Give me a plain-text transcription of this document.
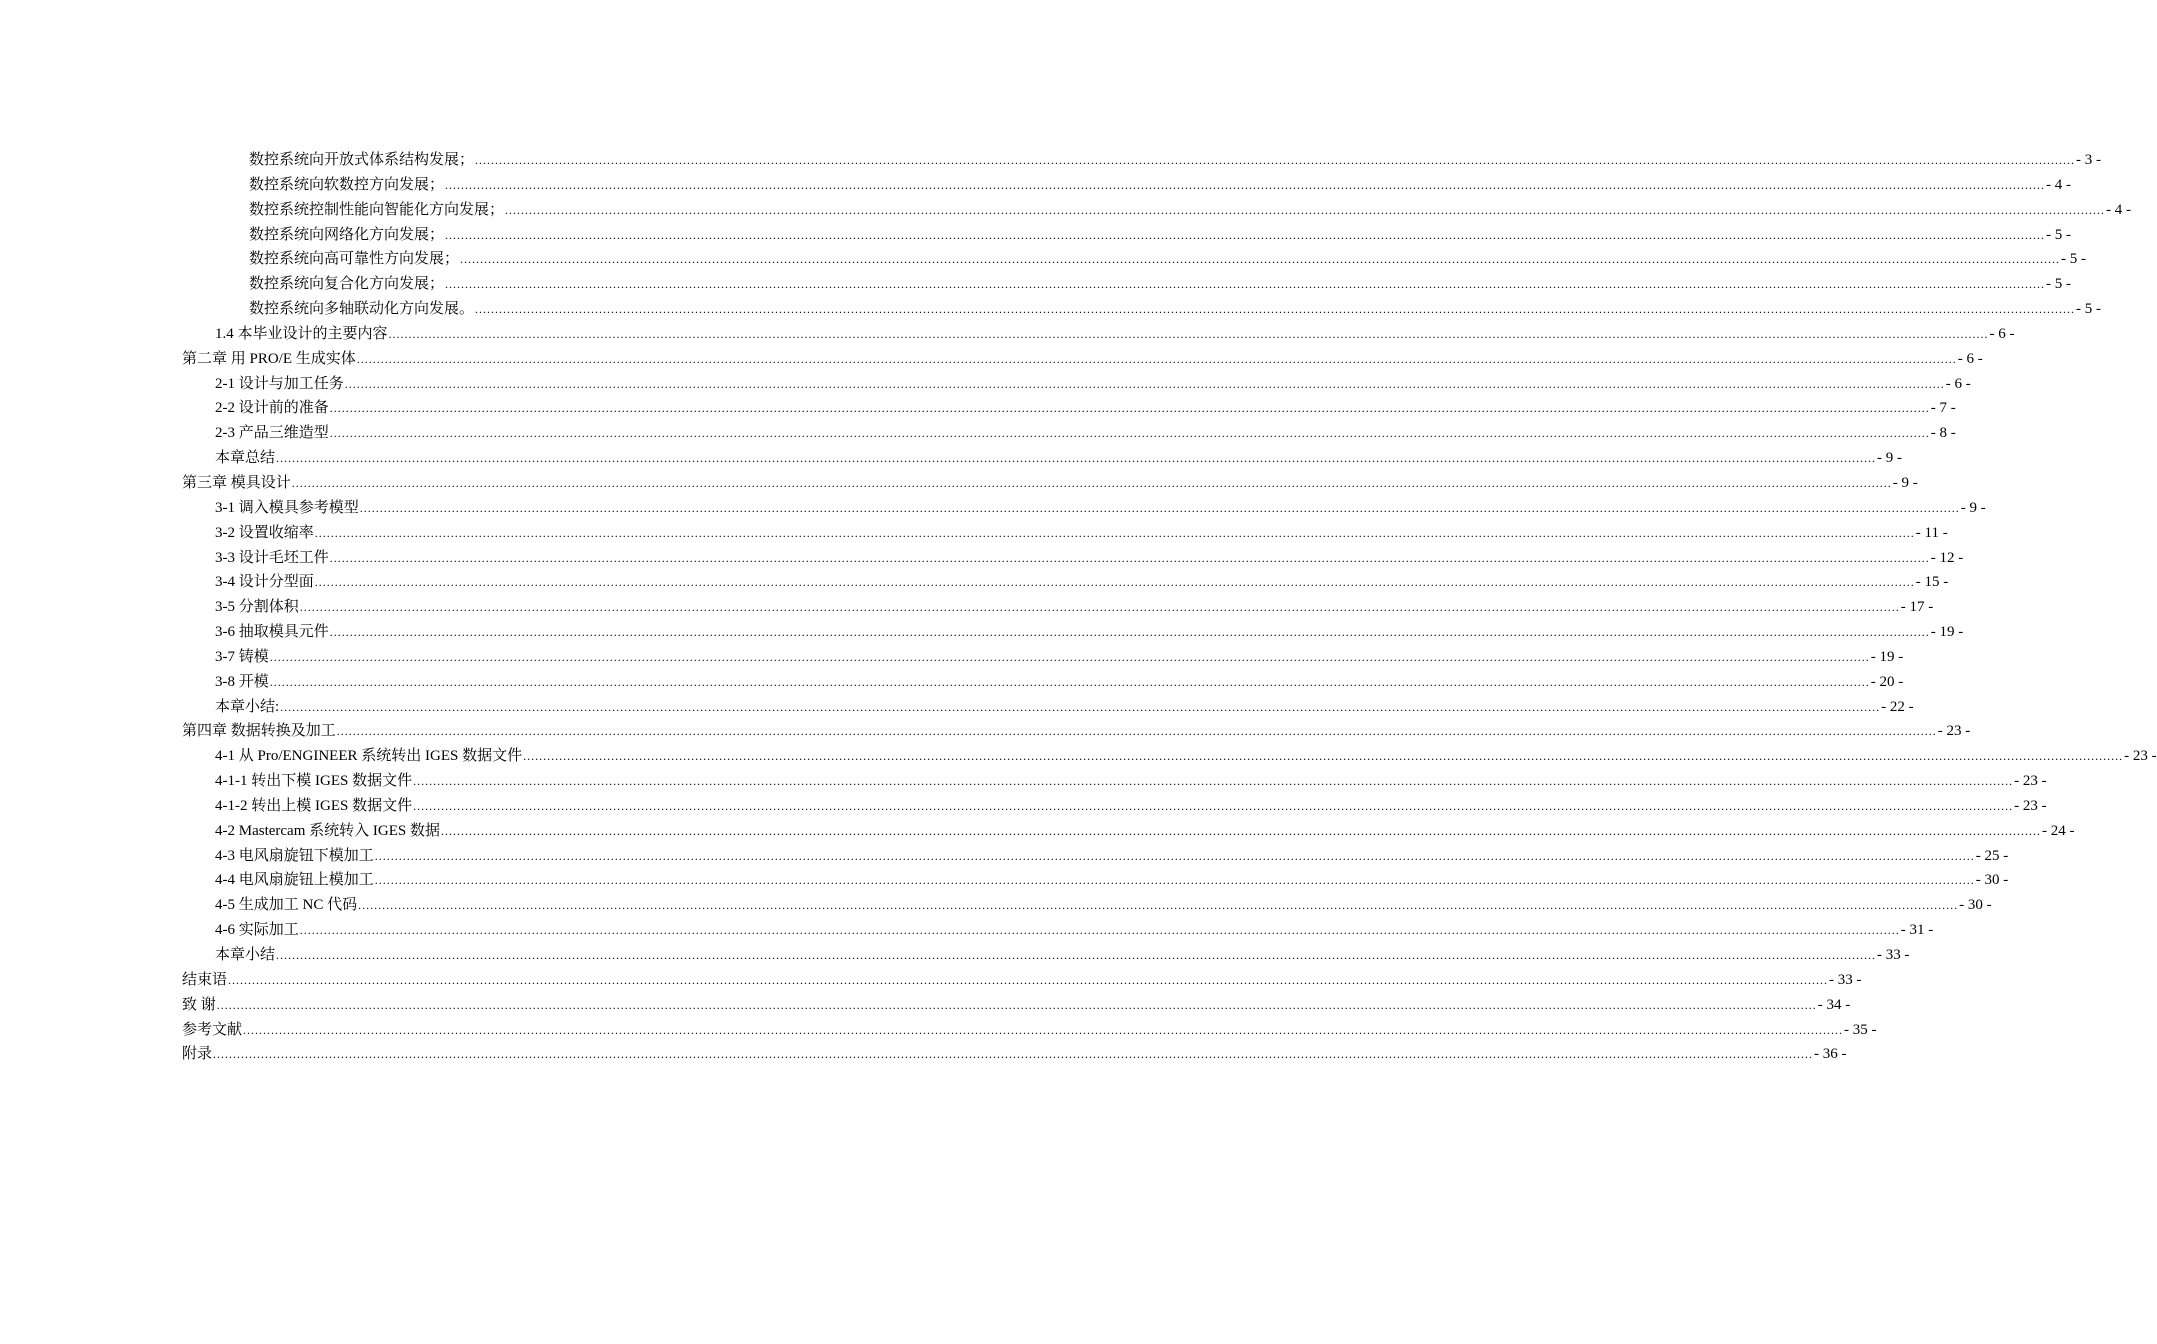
数控系统向开放式体系结构发展； ................................................................................................................................................................................................................................................................................................................................................................................................................ - 3 -
数控系统向软数控方向发展； ................................................................................................................................................................................................................................................................................................................................................................................................................ - 4 -
数控系统控制性能向智能化方向发展； ................................................................................................................................................................................................................................................................................................................................................................................................................ - 4 -
数控系统向网络化方向发展； ................................................................................................................................................................................................................................................................................................................................................................................................................ - 5 -
数控系统向高可靠性方向发展； ................................................................................................................................................................................................................................................................................................................................................................................................................ - 5 -
数控系统向复合化方向发展； ................................................................................................................................................................................................................................................................................................................................................................................................................ - 5 -
数控系统向多轴联动化方向发展。 ................................................................................................................................................................................................................................................................................................................................................................................................................ - 5 -
1.4 本毕业设计的主要内容 ................................................................................................................................................................................................................................................................................................................................................................................................................ - 6 -
第二章 用 PRO/E 生成实体 ................................................................................................................................................................................................................................................................................................................................................................................................................ - 6 -
2-1 设计与加工任务 ................................................................................................................................................................................................................................................................................................................................................................................................................ - 6 -
2-2 设计前的准备 ................................................................................................................................................................................................................................................................................................................................................................................................................ - 7 -
2-3 产品三维造型 ................................................................................................................................................................................................................................................................................................................................................................................................................ - 8 -
本章总结 ................................................................................................................................................................................................................................................................................................................................................................................................................ - 9 -
第三章 模具设计 ................................................................................................................................................................................................................................................................................................................................................................................................................ - 9 -
3-1 调入模具参考模型 ................................................................................................................................................................................................................................................................................................................................................................................................................ - 9 -
3-2 设置收缩率 ................................................................................................................................................................................................................................................................................................................................................................................................................ - 11 -
3-3 设计毛坯工件 ................................................................................................................................................................................................................................................................................................................................................................................................................ - 12 -
3-4 设计分型面 ................................................................................................................................................................................................................................................................................................................................................................................................................ - 15 -
3-5 分割体积 ................................................................................................................................................................................................................................................................................................................................................................................................................ - 17 -
3-6 抽取模具元件 ................................................................................................................................................................................................................................................................................................................................................................................................................ - 19 -
3-7 铸模 ................................................................................................................................................................................................................................................................................................................................................................................................................ - 19 -
3-8 开模 ................................................................................................................................................................................................................................................................................................................................................................................................................ - 20 -
本章小结: ................................................................................................................................................................................................................................................................................................................................................................................................................ - 22 -
第四章 数据转换及加工 ................................................................................................................................................................................................................................................................................................................................................................................................................ - 23 -
4-1 从 Pro/ENGINEER 系统转出 IGES 数据文件 ................................................................................................................................................................................................................................................................................................................................................................................................................ - 23 -
4-1-1 转出下模 IGES 数据文件 ................................................................................................................................................................................................................................................................................................................................................................................................................ - 23 -
4-1-2 转出上模 IGES 数据文件 ................................................................................................................................................................................................................................................................................................................................................................................................................ - 23 -
4-2 Mastercam 系统转入 IGES 数据 ................................................................................................................................................................................................................................................................................................................................................................................................................ - 24 -
4-3 电风扇旋钮下模加工 ................................................................................................................................................................................................................................................................................................................................................................................................................ - 25 -
4-4 电风扇旋钮上模加工 ................................................................................................................................................................................................................................................................................................................................................................................................................ - 30 -
4-5 生成加工 NC 代码 ................................................................................................................................................................................................................................................................................................................................................................................................................ - 30 -
4-6 实际加工 ................................................................................................................................................................................................................................................................................................................................................................................................................ - 31 -
本章小结 ................................................................................................................................................................................................................................................................................................................................................................................................................ - 33 -
结束语 ................................................................................................................................................................................................................................................................................................................................................................................................................ - 33 -
致 谢 ................................................................................................................................................................................................................................................................................................................................................................................................................ - 34 -
参考文献 ................................................................................................................................................................................................................................................................................................................................................................................................................ - 35 -
附录 ................................................................................................................................................................................................................................................................................................................................................................................................................ - 36 -
